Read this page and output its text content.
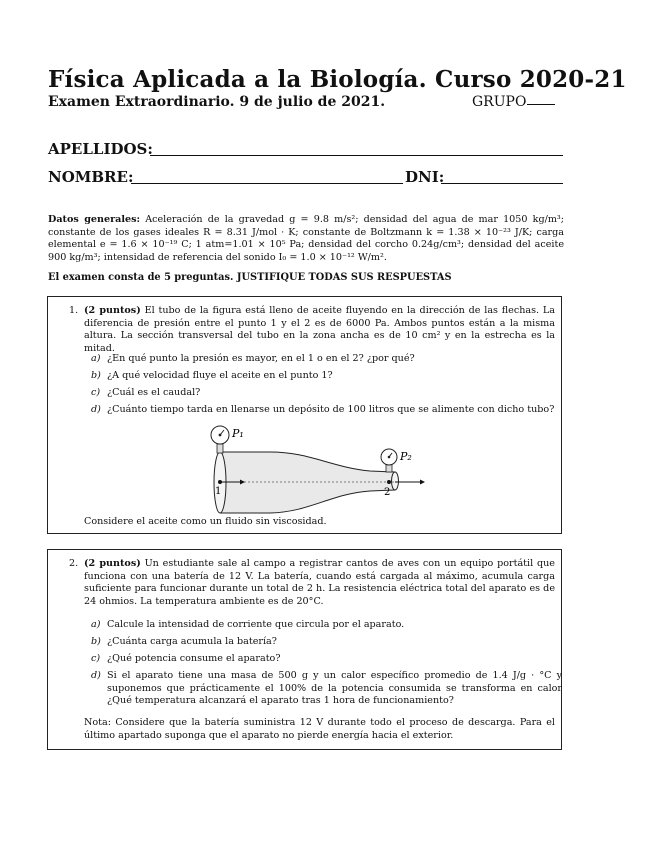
Física Aplicada a la Biología. Curso 2020-21
Examen Extraordinario. 9 de julio de 2021.	GRUPO
APELLIDOS:
NOMBRE:	DNI:
Datos generales: Aceleración de la gravedad g = 9.8 m/s²; densidad del agua de mar 1050 kg/m³; constante de los gases ideales R = 8.31 J/mol · K; constante de Boltzmann k = 1.38 × 10⁻²³ J/K; carga elemental e = 1.6 × 10⁻¹⁹ C; 1 atm=1.01 × 10⁵ Pa; densidad del corcho 0.24g/cm³; densidad del aceite 900 kg/m³; intensidad de referencia del sonido I₀ = 1.0 × 10⁻¹² W/m².
El examen consta de 5 preguntas. JUSTIFIQUE TODAS SUS RESPUESTAS
1. (2 puntos) El tubo de la figura está lleno de aceite fluyendo en la dirección de las flechas. La diferencia de presión entre el punto 1 y el 2 es de 6000 Pa. Ambos puntos están a la misma altura. La sección transversal del tubo en la zona ancha es de 10 cm² y en la estrecha es la mitad.
a) ¿En qué punto la presión es mayor, en el 1 o en el 2? ¿por qué?
b) ¿A qué velocidad fluye el aceite en el punto 1?
c) ¿Cuál es el caudal?
d) ¿Cuánto tiempo tarda en llenarse un depósito de 100 litros que se alimente con dicho tubo?
P₁
P₂
1	2
Considere el aceite como un fluido sin viscosidad.
2. (2 puntos) Un estudiante sale al campo a registrar cantos de aves con un equipo portátil que funciona con una batería de 12 V. La batería, cuando está cargada al máximo, acumula carga suficiente para funcionar durante un total de 2 h. La resistencia eléctrica total del aparato es de 24 ohmios. La temperatura ambiente es de 20°C.
a) Calcule la intensidad de corriente que circula por el aparato.
b) ¿Cuánta carga acumula la batería?
c) ¿Qué potencia consume el aparato?
d) Si el aparato tiene una masa de 500 g y un calor específico promedio de 1.4 J/g · °C y suponemos que prácticamente el 100% de la potencia consumida se transforma en calor ¿Qué temperatura alcanzará el aparato tras 1 hora de funcionamiento?
Nota: Considere que la batería suministra 12 V durante todo el proceso de descarga. Para el último apartado suponga que el aparato no pierde energía hacia el exterior.
